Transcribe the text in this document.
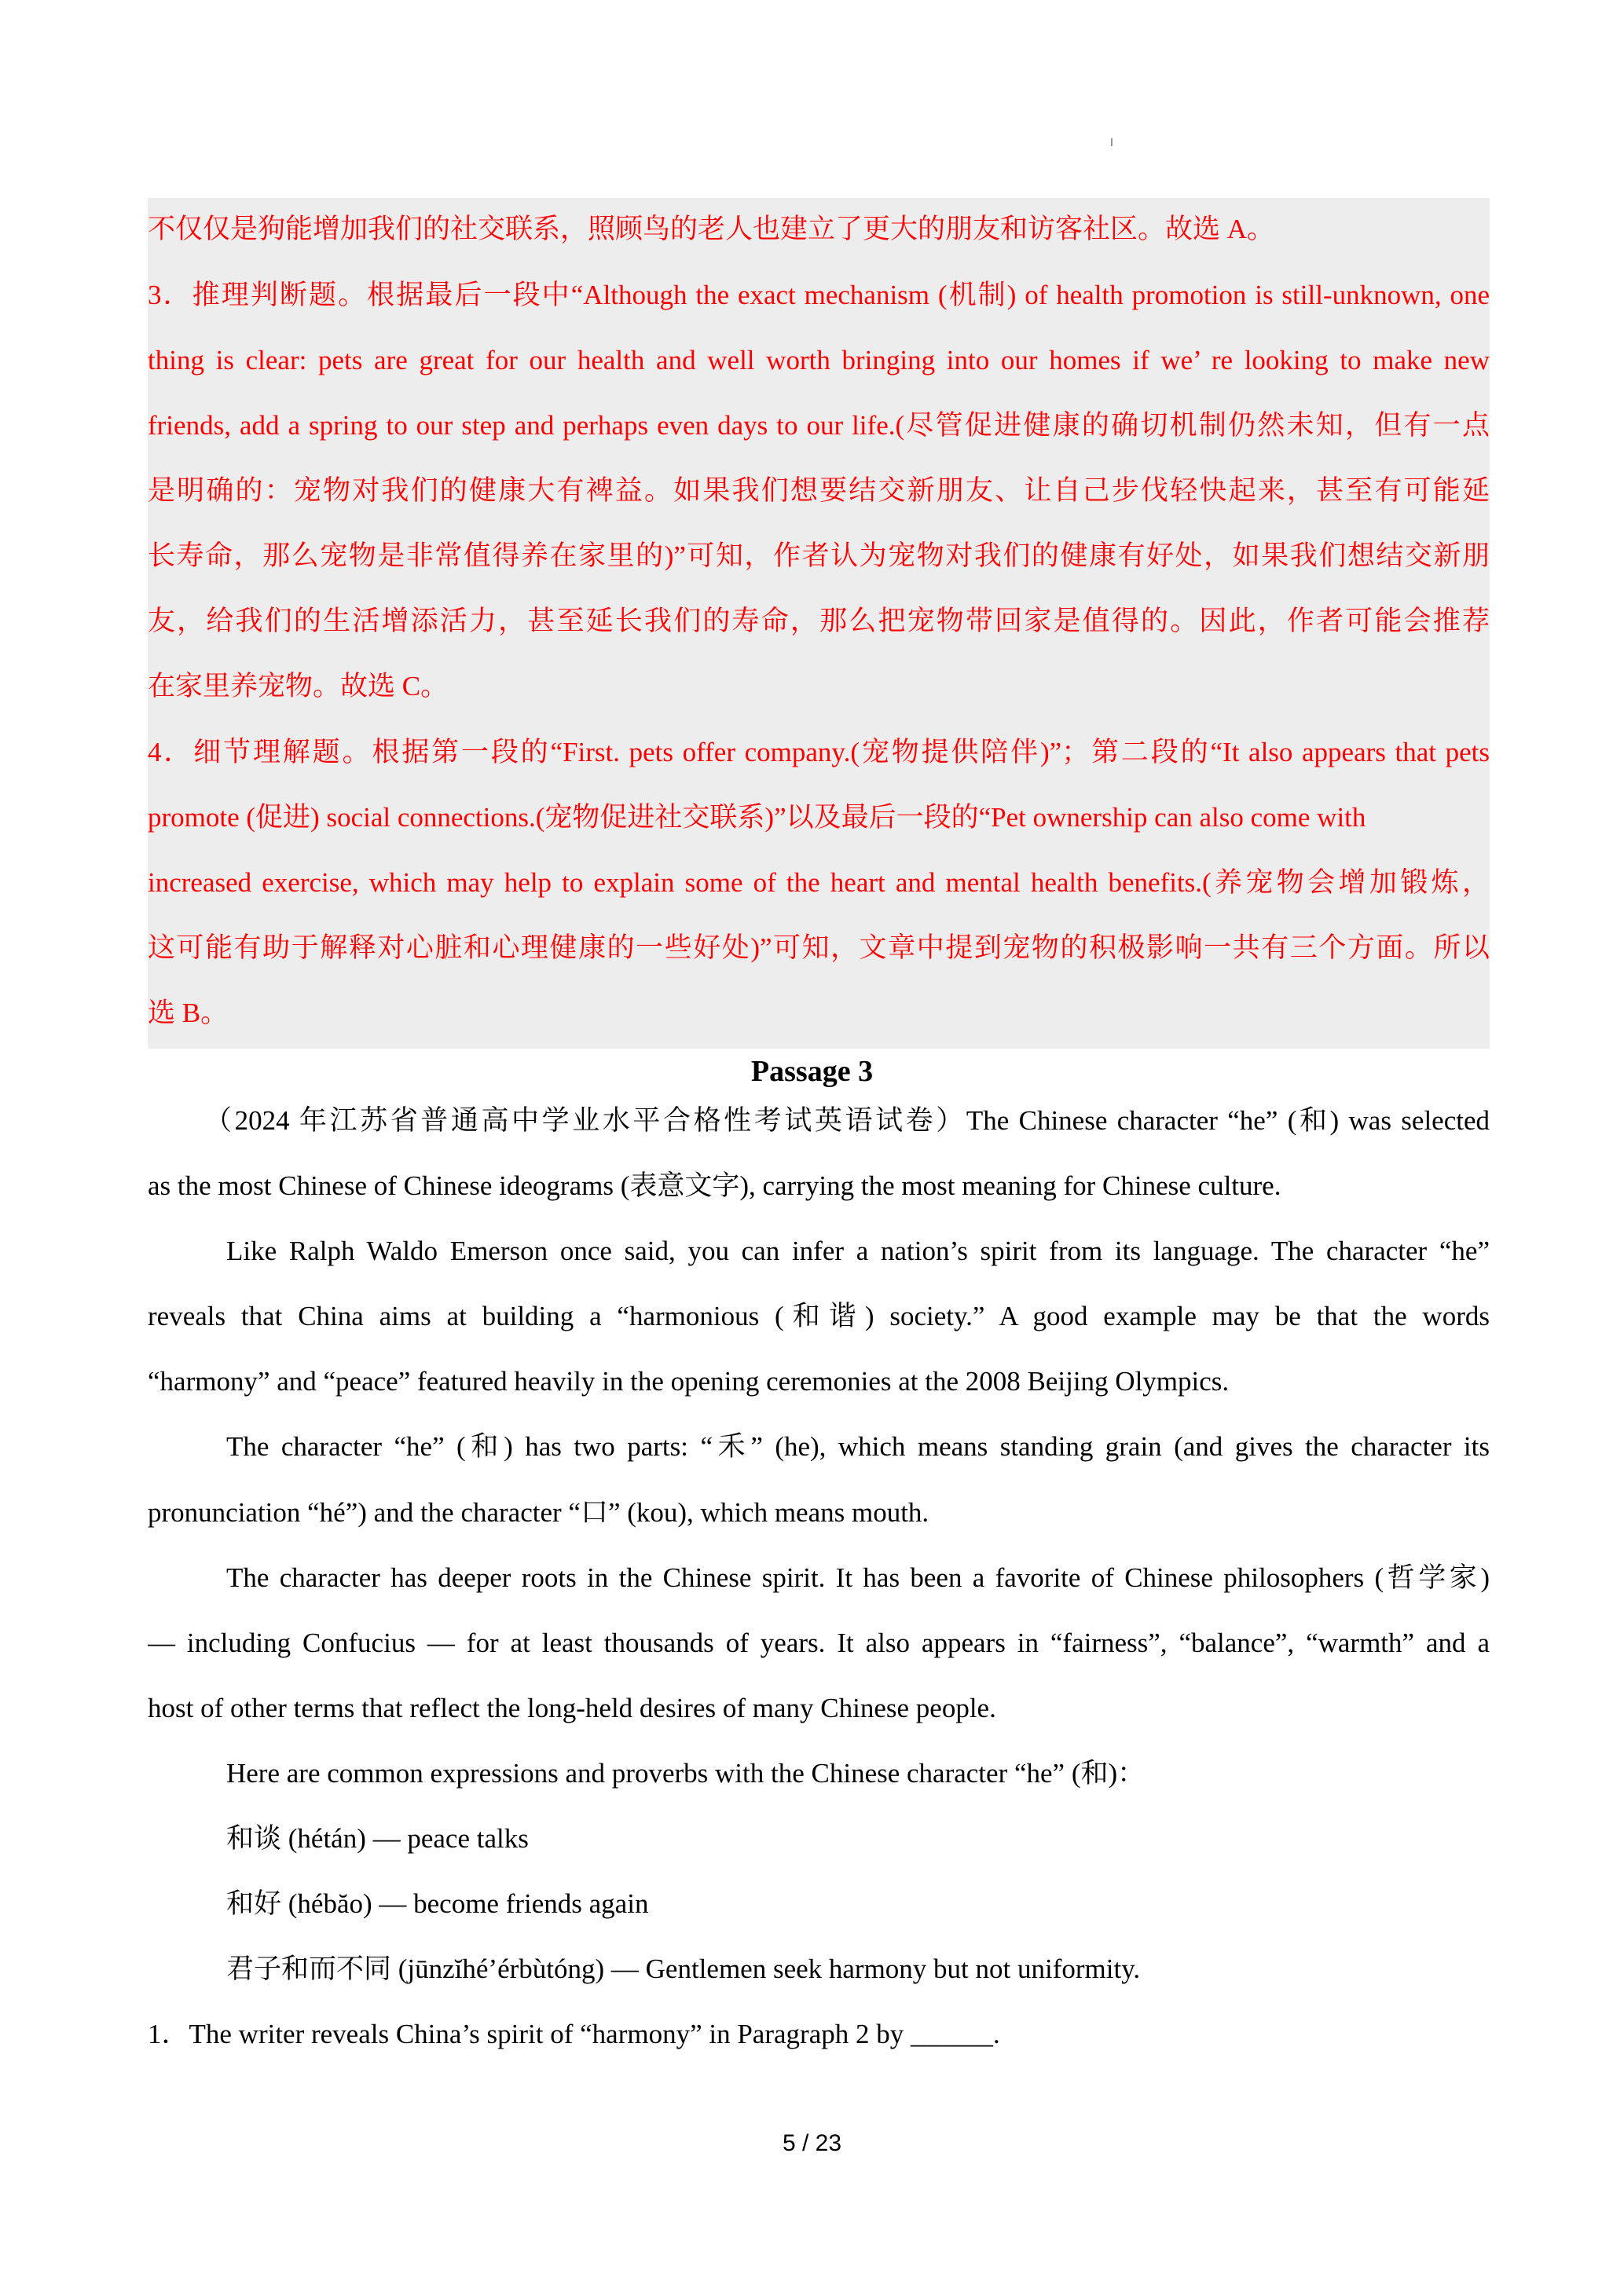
不仅仅是狗能增加我们的社交联系，照顾鸟的老人也建立了更大的朋友和访客社区。故选 A。
3．推理判断题。根据最后一段中“Although the exact mechanism (机制) of health promotion is still-unknown, one
thing is clear: pets are great for our health and well worth bringing into our homes if we’ re looking to make new
friends, add a spring to our step and perhaps even days to our life.(尽管促进健康的确切机制仍然未知，但有一点
是明确的：宠物对我们的健康大有裨益。如果我们想要结交新朋友、让自己步伐轻快起来，甚至有可能延
长寿命，那么宠物是非常值得养在家里的)”可知，作者认为宠物对我们的健康有好处，如果我们想结交新朋
友，给我们的生活增添活力，甚至延长我们的寿命，那么把宠物带回家是值得的。因此，作者可能会推荐
在家里养宠物。故选 C。
4．细节理解题。根据第一段的“First. pets offer company.(宠物提供陪伴)”；第二段的“It also appears that pets
promote (促进) social connections.(宠物促进社交联系)”以及最后一段的“Pet ownership can also come with
increased exercise, which may help to explain some of the heart and mental health benefits.(养宠物会增加锻炼，
这可能有助于解释对心脏和心理健康的一些好处)”可知，文章中提到宠物的积极影响一共有三个方面。所以
选 B。
Passage 3
（2024 年江苏省普通高中学业水平合格性考试英语试卷）The Chinese character “he” (和) was selected
as the most Chinese of Chinese ideograms (表意文字), carrying the most meaning for Chinese culture.
Like Ralph Waldo Emerson once said, you can infer a nation’s spirit from its language. The character “he”
reveals that China aims at building a “harmonious (和谐) society.” A good example may be that the words
“harmony” and “peace” featured heavily in the opening ceremonies at the 2008 Beijing Olympics.
The character “he” (和) has two parts: “禾” (he), which means standing grain (and gives the character its
pronunciation “hé”) and the character “口” (kou), which means mouth.
The character has deeper roots in the Chinese spirit. It has been a favorite of Chinese philosophers (哲学家)
— including Confucius — for at least thousands of years. It also appears in “fairness”, “balance”, “warmth” and a
host of other terms that reflect the long-held desires of many Chinese people.
Here are common expressions and proverbs with the Chinese character “he” (和)：
和谈 (hétán) — peace talks
和好 (hébăo) — become friends again
君子和而不同 (jūnzĭhé’érbùtóng) — Gentlemen seek harmony but not uniformity.
1．The writer reveals China’s spirit of “harmony” in Paragraph 2 by ______.
5 / 23
